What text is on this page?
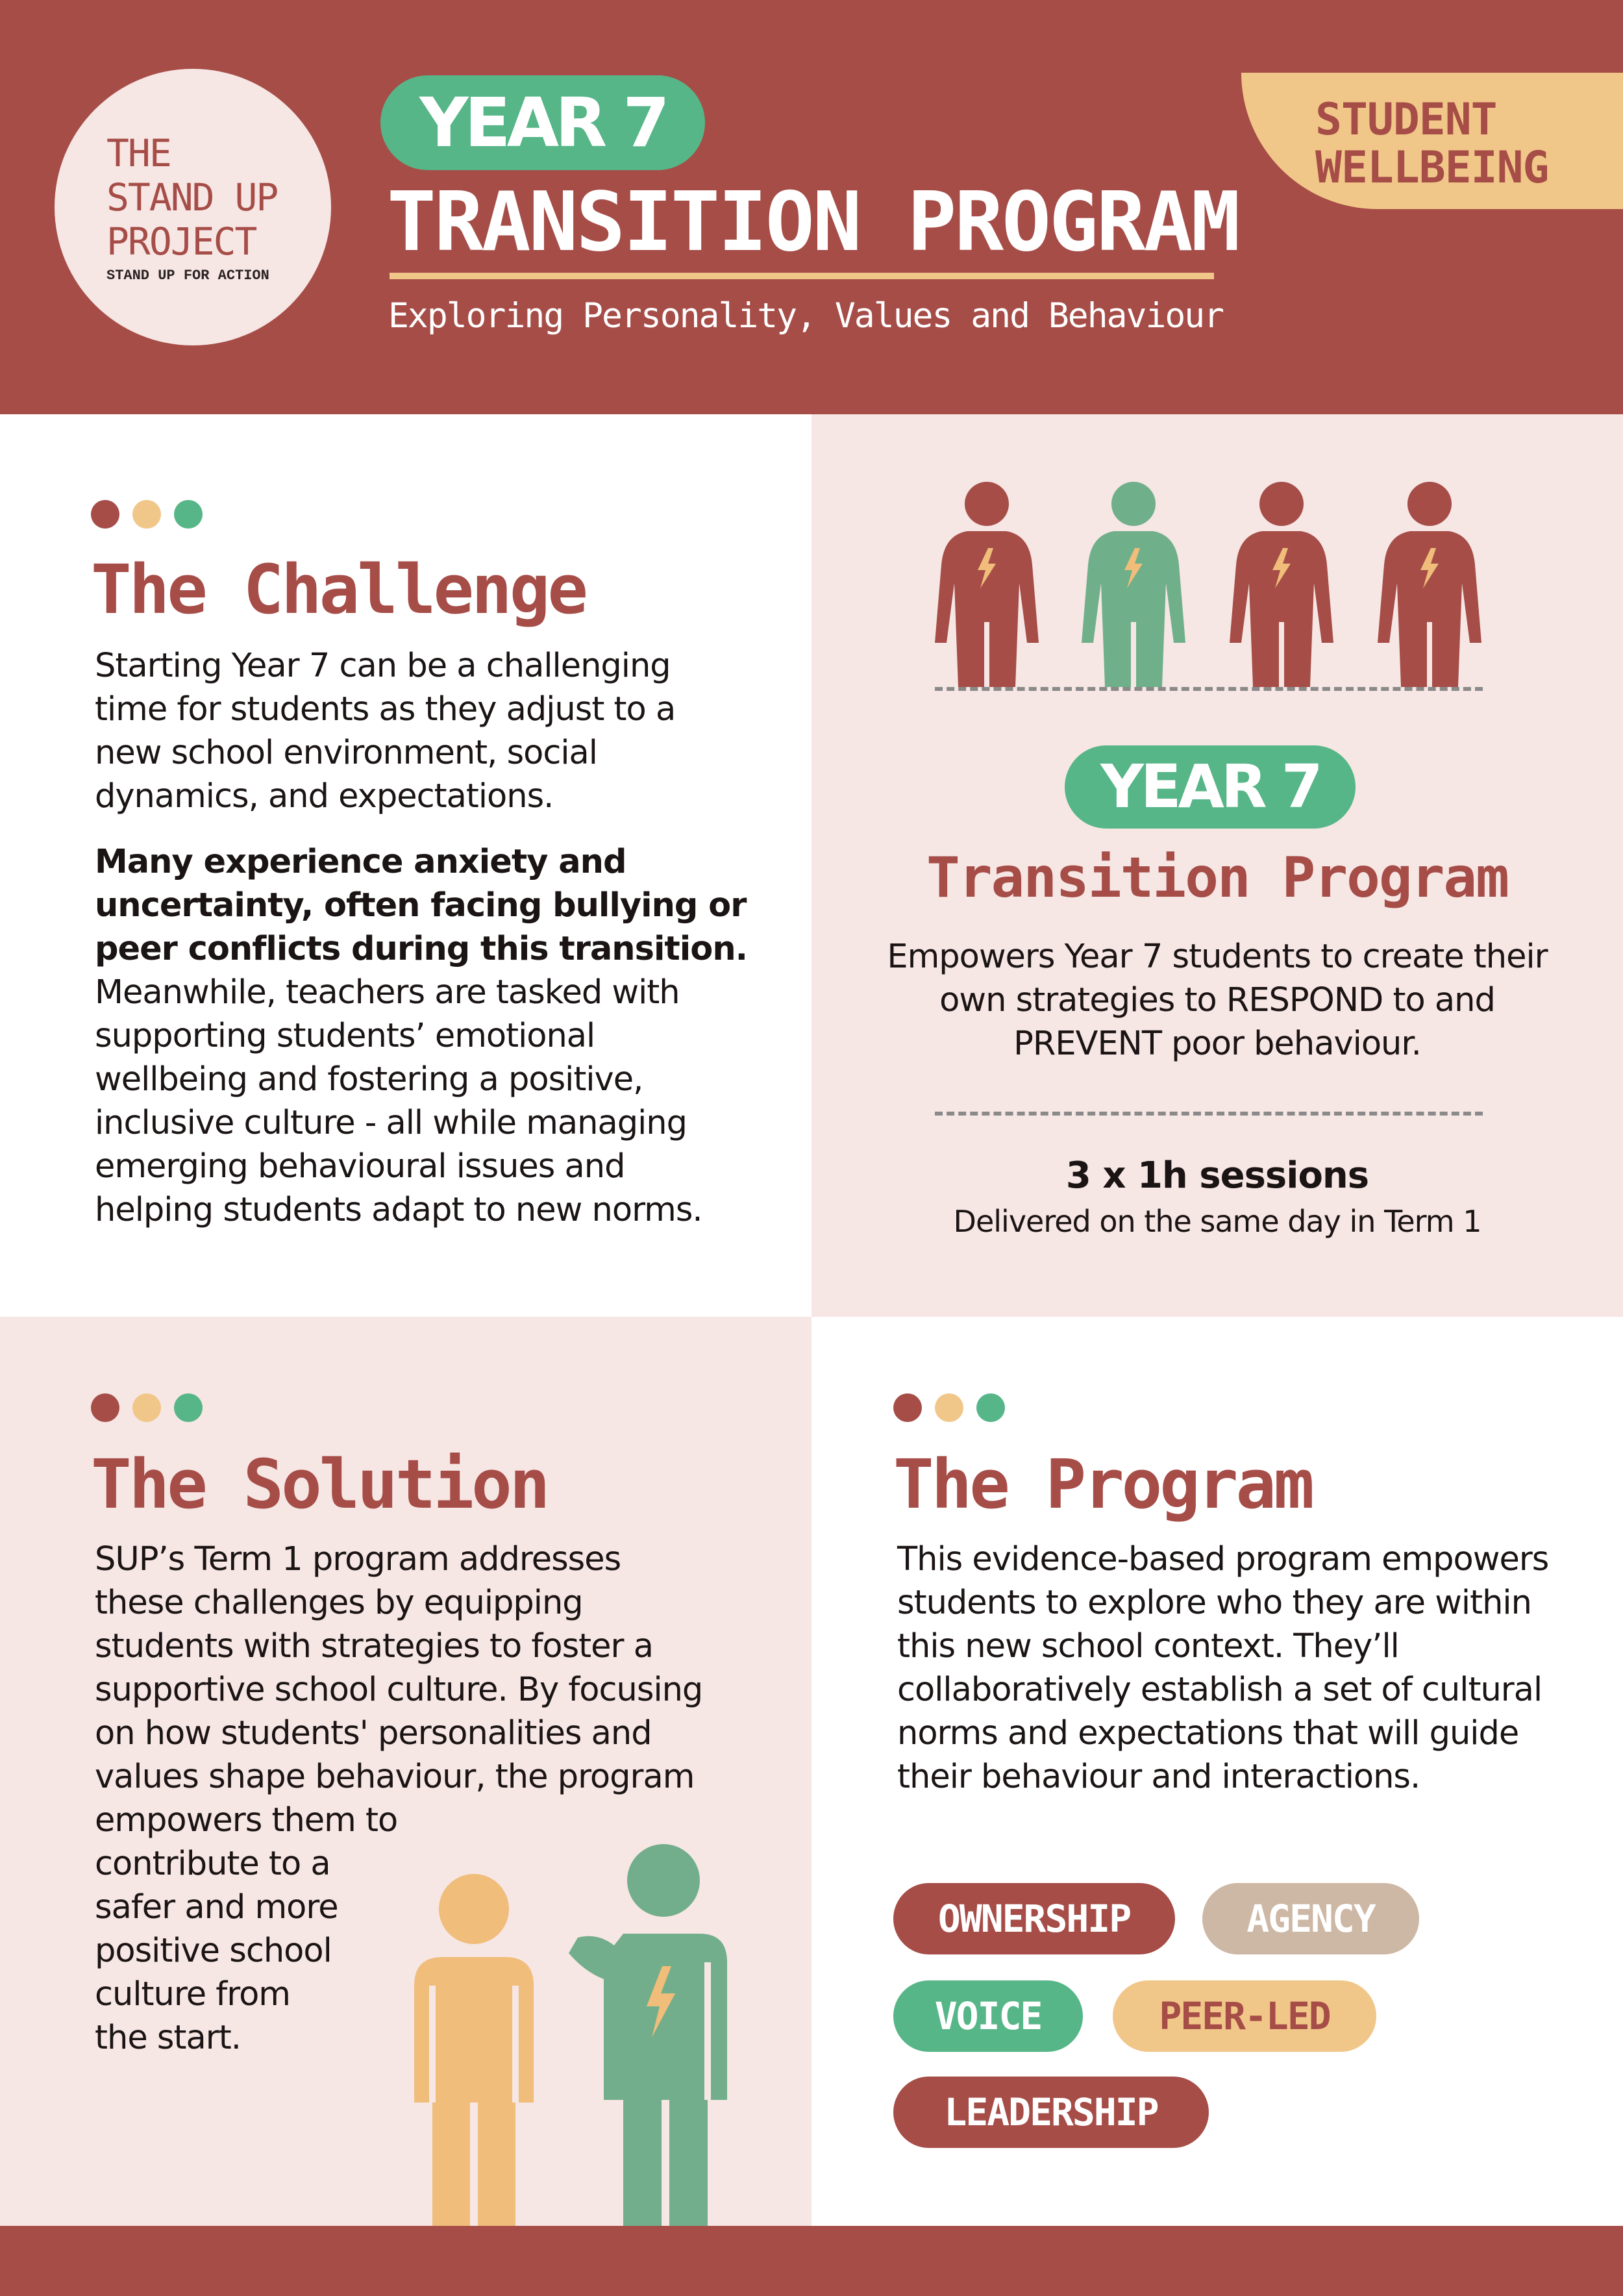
THE
STAND UP
PROJECT
STAND UP FOR ACTION
YEAR 7
TRANSITION PROGRAM
Exploring Personality, Values and Behaviour
STUDENT
WELLBEING
The Challenge
Starting Year 7 can be a challenging time for students as they adjust to a new school environment, social dynamics, and expectations.
Many experience anxiety and uncertainty, often facing bullying or peer conflicts during this transition. Meanwhile, teachers are tasked with supporting students’ emotional wellbeing and fostering a positive, inclusive culture - all while managing emerging behavioural issues and helping students adapt to new norms.
YEAR 7
Transition Program
Empowers Year 7 students to create their own strategies to RESPOND to and PREVENT poor behaviour.
3 x 1h sessions
Delivered on the same day in Term 1
The Solution
SUP’s Term 1 program addresses
these challenges by equipping
students with strategies to foster a
supportive school culture. By focusing
on how students' personalities and
values shape behaviour, the program
empowers them to
contribute to a
safer and more
positive school
culture from
the start.
The Program
This evidence-based program empowers students to explore who they are within this new school context. They’ll collaboratively establish a set of cultural norms and expectations that will guide their behaviour and interactions.
OWNERSHIP	AGENCY
VOICE	PEER-LED
LEADERSHIP
